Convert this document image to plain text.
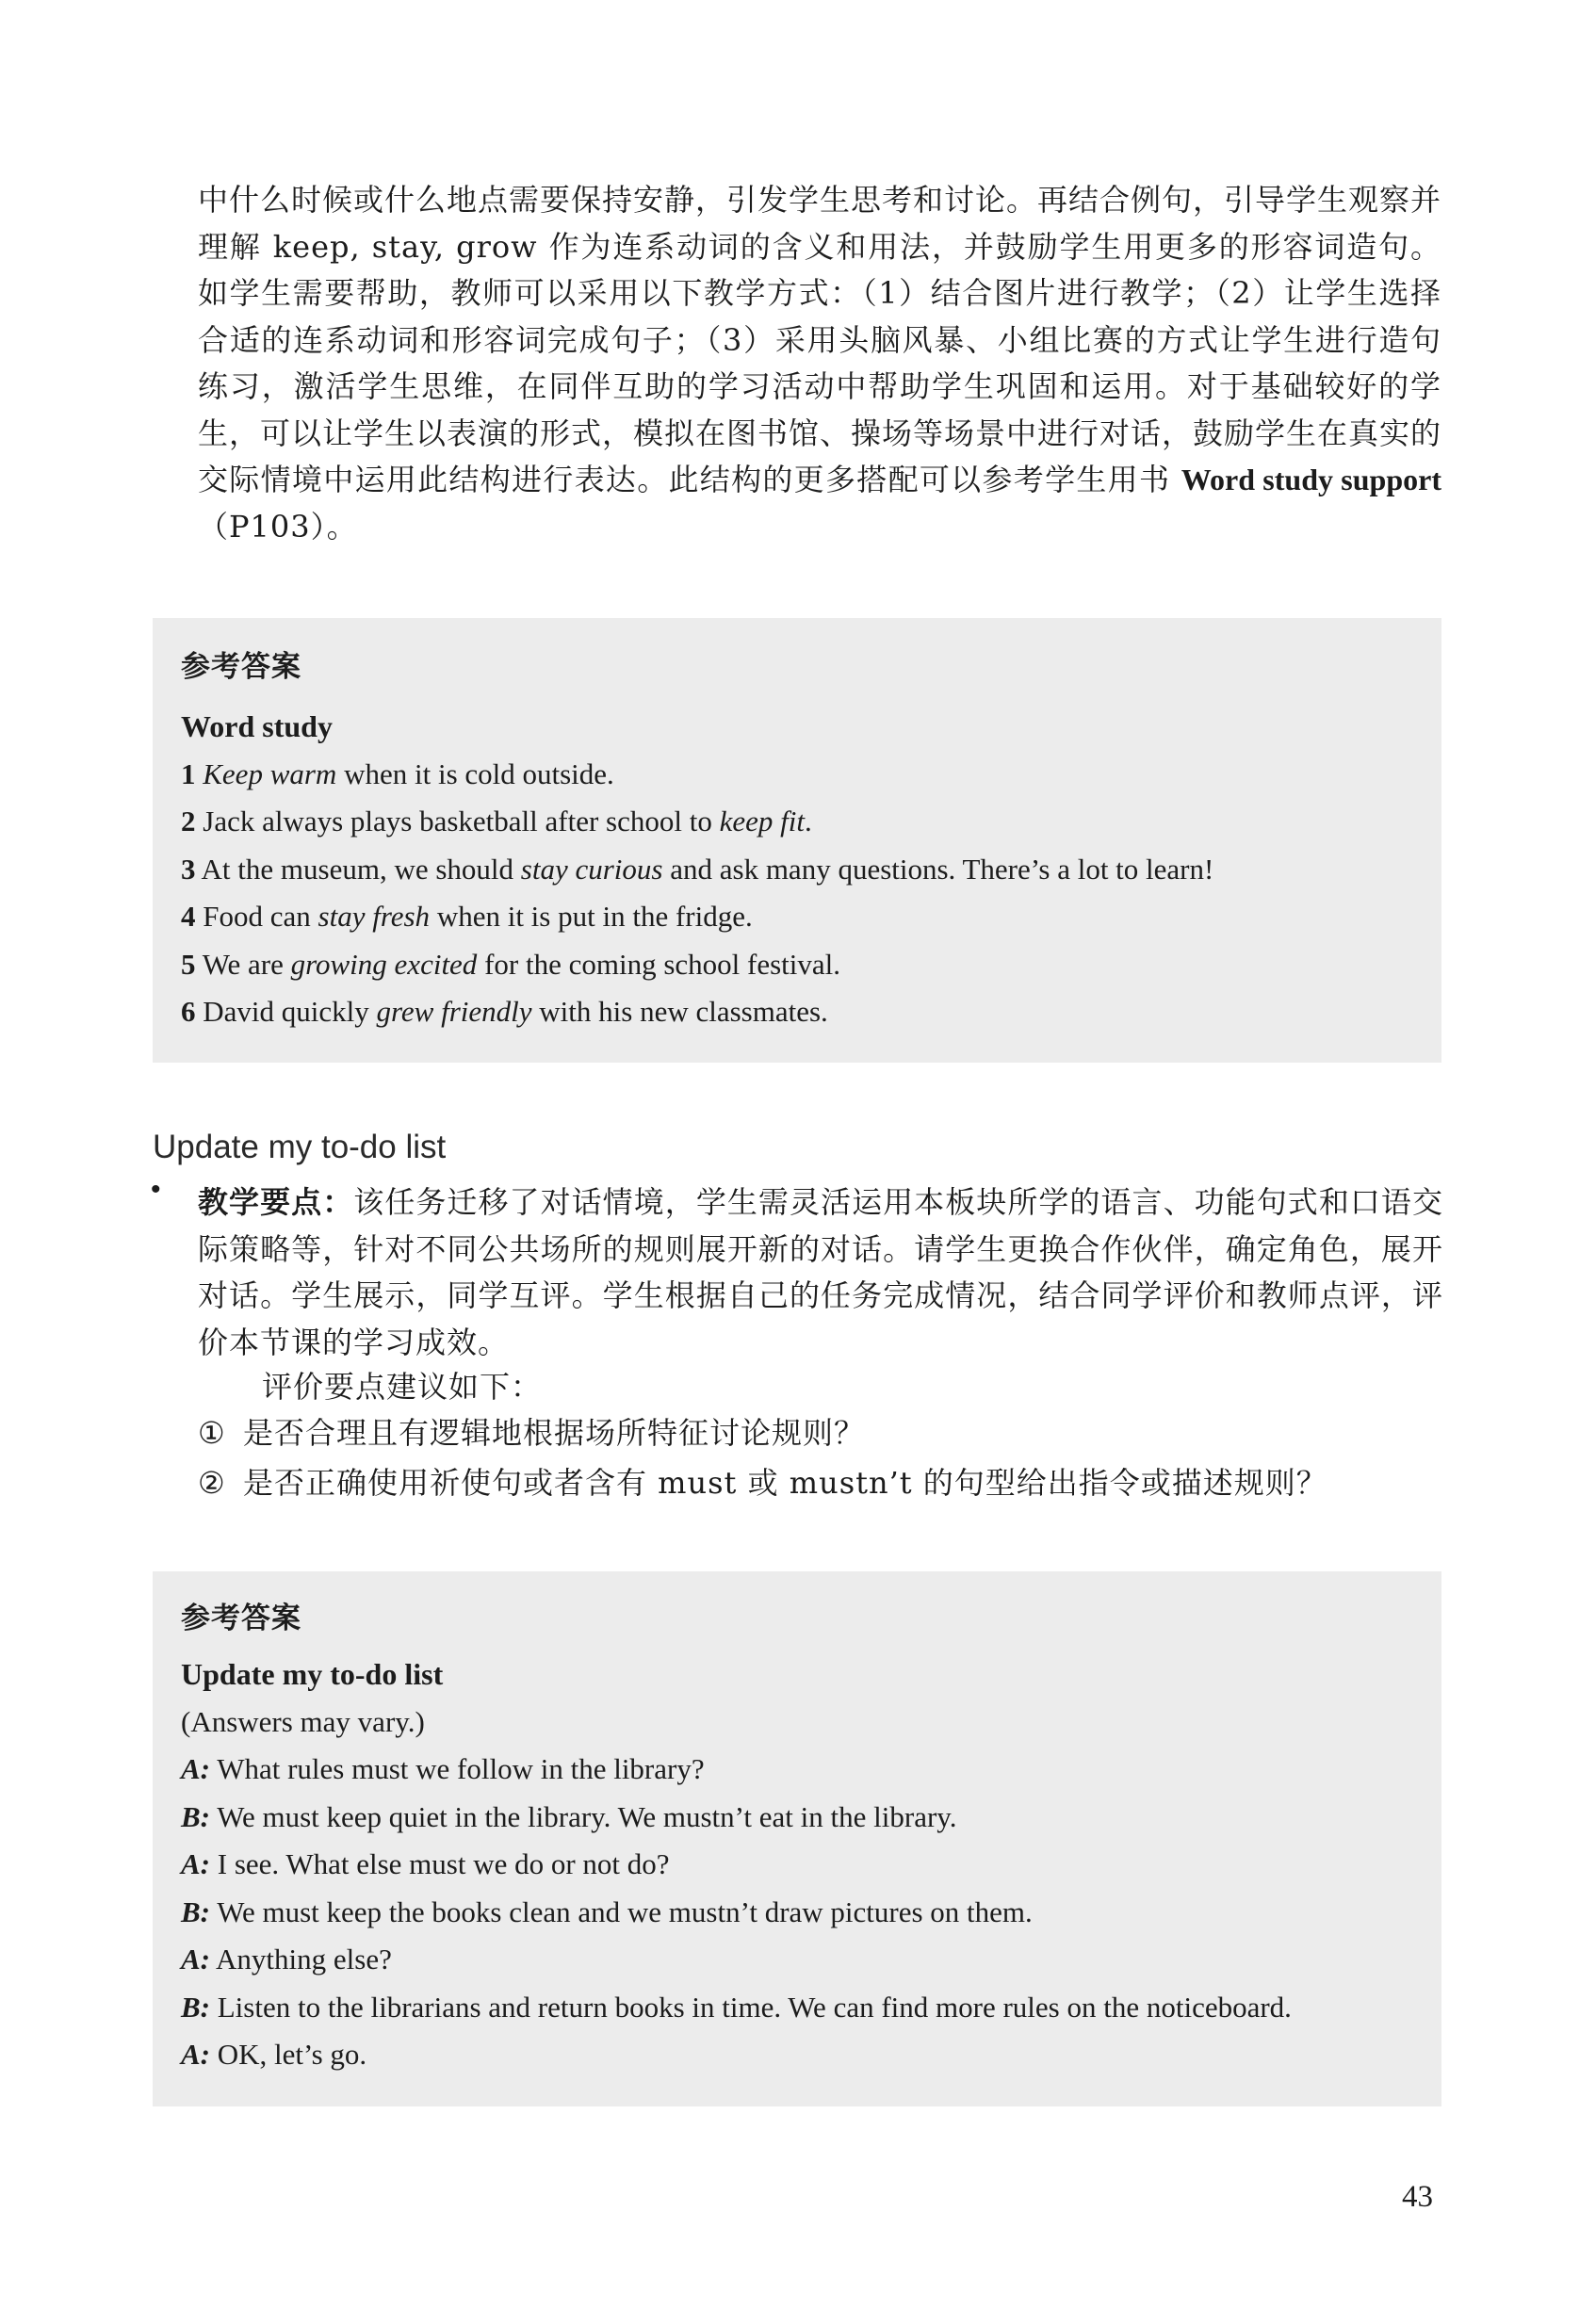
中什么时候或什么地点需要保持安静，引发学生思考和讨论。再结合例句，引导学生观察并理解 keep, stay, grow 作为连系动词的含义和用法，并鼓励学生用更多的形容词造句。如学生需要帮助，教师可以采用以下教学方式：（1）结合图片进行教学；（2）让学生选择合适的连系动词和形容词完成句子；（3）采用头脑风暴、小组比赛的方式让学生进行造句练习，激活学生思维，在同伴互助的学习活动中帮助学生巩固和运用。对于基础较好的学生，可以让学生以表演的形式，模拟在图书馆、操场等场景中进行对话，鼓励学生在真实的交际情境中运用此结构进行表达。此结构的更多搭配可以参考学生用书 Word study support（P103）。
参考答案

Word study

1 Keep warm when it is cold outside.

2 Jack always plays basketball after school to keep fit.

3 At the museum, we should stay curious and ask many questions. There’s a lot to learn!

4 Food can stay fresh when it is put in the fridge.

5 We are growing excited for the coming school festival.

6 David quickly grew friendly with his new classmates.

Update my to-do list
• 教学要点：该任务迁移了对话情境，学生需灵活运用本板块所学的语言、功能句式和口语交际策略等，针对不同公共场所的规则展开新的对话。请学生更换合作伙伴，确定角色，展开对话。学生展示，同学互评。学生根据自己的任务完成情况，结合同学评价和教师点评，评价本节课的学习成效。
评价要点建议如下：
① 是否合理且有逻辑地根据场所特征讨论规则？
② 是否正确使用祈使句或者含有 must 或 mustn’t 的句型给出指令或描述规则？
参考答案

Update my to-do list

(Answers may vary.)

A: What rules must we follow in the library?

B: We must keep quiet in the library. We mustn’t eat in the library.

A: I see. What else must we do or not do?

B: We must keep the books clean and we mustn’t draw pictures on them.

A: Anything else?

B: Listen to the librarians and return books in time. We can find more rules on the noticeboard.

A: OK, let’s go.

43
